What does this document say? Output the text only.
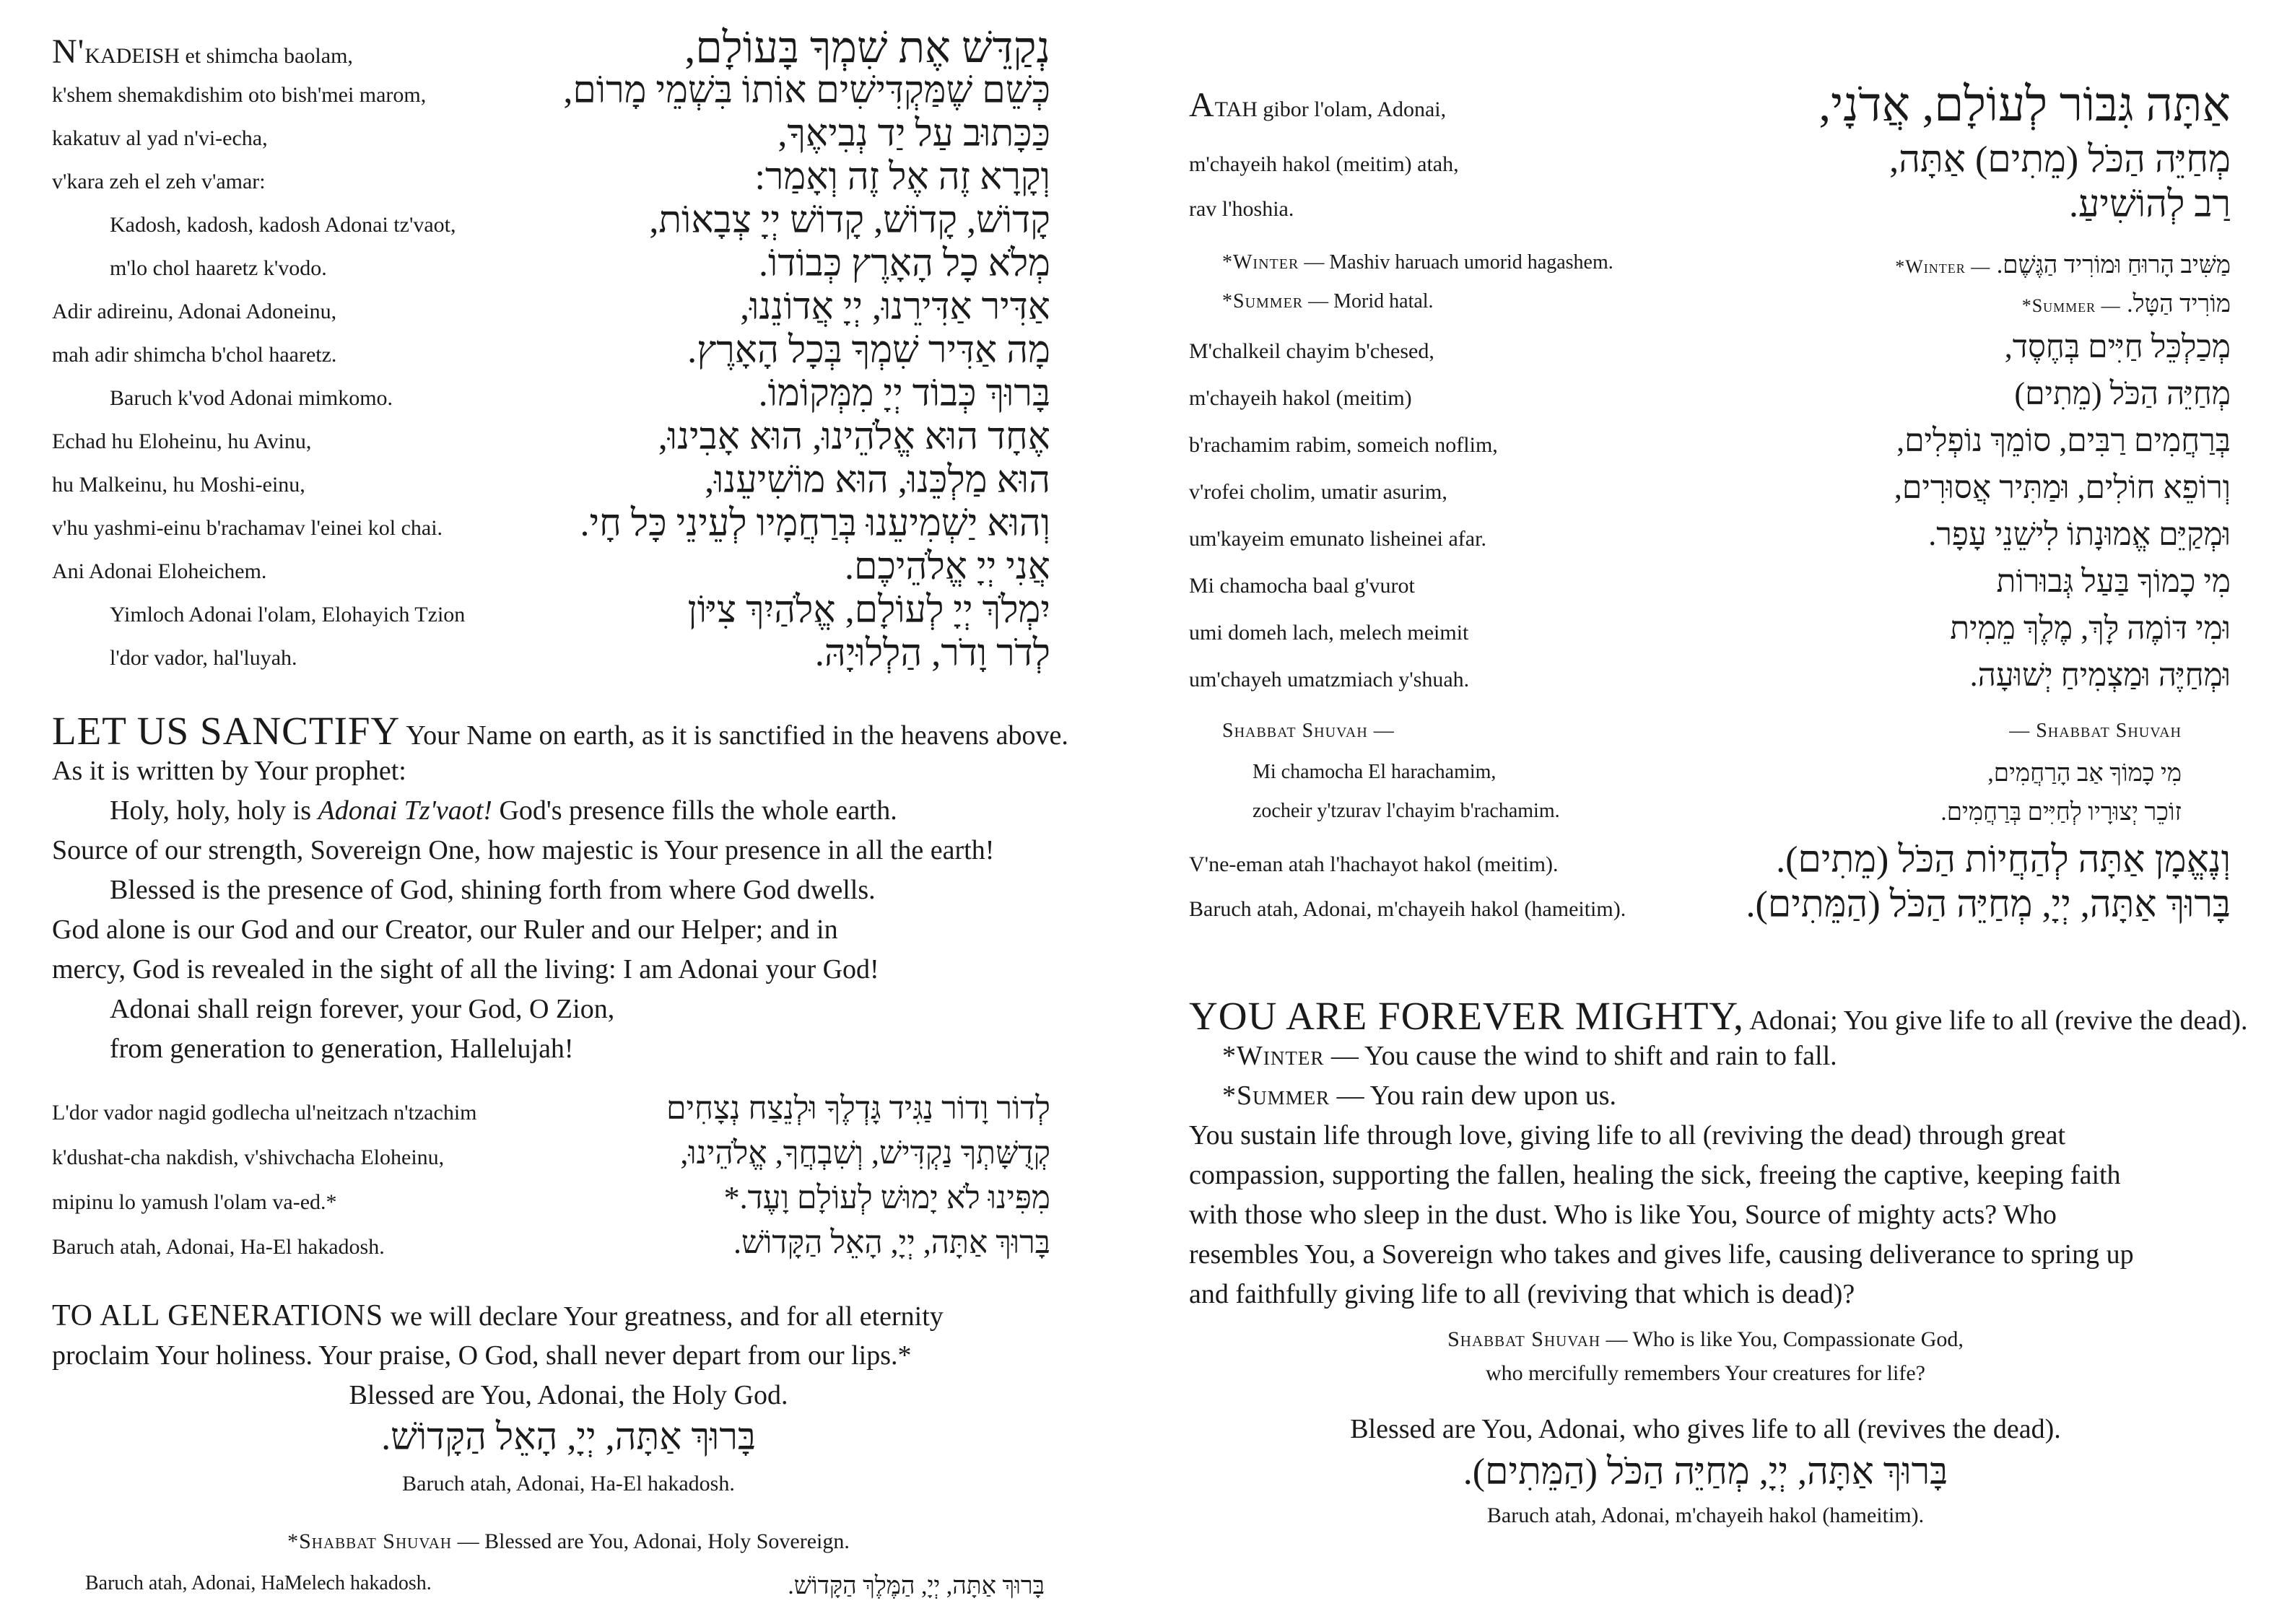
N'KADEISH et shimcha baolam,	נְקַדֵּשׁ אֶת שִׁמְךָ בָּעוֹלָם,
k'shem shemakdishim oto bish'mei marom,	כְּשֵׁם שֶׁמַּקְדִּישִׁים אוֹתוֹ בִּשְׁמֵי מָרוֹם,
kakatuv al yad n'vi-echa,	כַּכָּתוּב עַל יַד נְבִיאֶךָ,
v'kara zeh el zeh v'amar:	וְקָרָא זֶה אֶל זֶה וְאָמַר:
Kadosh, kadosh, kadosh Adonai tz'vaot,	קָדוֹשׁ, קָדוֹשׁ, קָדוֹשׁ יְיָ צְבָאוֹת,
m'lo chol haaretz k'vodo.	מְלֹא כָל הָאָרֶץ כְּבוֹדוֹ.
Adir adireinu, Adonai Adoneinu,	אַדִּיר אַדִּירֵנוּ, יְיָ אֲדוֹנֵנוּ,
mah adir shimcha b'chol haaretz.	מָה אַדִּיר שִׁמְךָ בְּכָל הָאָרֶץ.
Baruch k'vod Adonai mimkomo.	בָּרוּךְ כְּבוֹד יְיָ מִמְּקוֹמוֹ.
Echad hu Eloheinu, hu Avinu,	אֶחָד הוּא אֱלֹהֵינוּ, הוּא אָבִינוּ,
hu Malkeinu, hu Moshi-einu,	הוּא מַלְכֵּנוּ, הוּא מוֹשִׁיעֵנוּ,
v'hu yashmi-einu b'rachamav l'einei kol chai.	וְהוּא יַשְׁמִיעֵנוּ בְּרַחֲמָיו לְעֵינֵי כָּל חָי.
Ani Adonai Eloheichem.	אֲנִי יְיָ אֱלֹהֵיכֶם.
Yimloch Adonai l'olam, Elohayich Tzion	יִמְלֹךְ יְיָ לְעוֹלָם, אֱלֹהַיִךְ צִיּוֹן
l'dor vador, hal'luyah.	לְדֹר וָדֹר, הַלְלוּיָהּ.
LET US SANCTIFY Your Name on earth, as it is sanctified in the heavens above.
As it is written by Your prophet:
Holy, holy, holy is Adonai Tz'vaot! God's presence fills the whole earth.
Source of our strength, Sovereign One, how majestic is Your presence in all the earth!
Blessed is the presence of God, shining forth from where God dwells.
God alone is our God and our Creator, our Ruler and our Helper; and in
mercy, God is revealed in the sight of all the living: I am Adonai your God!
Adonai shall reign forever, your God, O Zion,
from generation to generation, Hallelujah!
L'dor vador nagid godlecha ul'neitzach n'tzachim	לְדוֹר וָדוֹר נַגִּיד גָּדְלֶךָ וּלְנֵצַח נְצָחִים
k'dushat-cha nakdish, v'shivchacha Eloheinu,	קְדֻשָּׁתְךָ נַקְדִּישׁ, וְשִׁבְחֲךָ, אֱלֹהֵינוּ,
mipinu lo yamush l'olam va-ed.*	מִפִּינוּ לֹא יָמוּשׁ לְעוֹלָם וָעֶד.*
Baruch atah, Adonai, Ha-El hakadosh.	בָּרוּךְ אַתָּה, יְיָ, הָאֵל הַקָּדוֹשׁ.
TO ALL GENERATIONS we will declare Your greatness, and for all eternity
proclaim Your holiness. Your praise, O God, shall never depart from our lips.*
Blessed are You, Adonai, the Holy God.
בָּרוּךְ אַתָּה, יְיָ, הָאֵל הַקָּדוֹשׁ.
Baruch atah, Adonai, Ha-El hakadosh.
*Shabbat Shuvah — Blessed are You, Adonai, Holy Sovereign.
Baruch atah, Adonai, HaMelech hakadosh.	בָּרוּךְ אַתָּה, יְיָ, הַמֶּלֶךְ הַקָּדוֹשׁ.
ATAH gibor l'olam, Adonai,	אַתָּה גִּבּוֹר לְעוֹלָם, אֲדֹנָי,
m'chayeih hakol (meitim) atah,	מְחַיֵּה הַכֹּל (מֵתִים) אַתָּה,
rav l'hoshia.	רַב לְהוֹשִׁיעַ.
*Winter — Mashiv haruach umorid hagashem.	מַשִּׁיב הָרוּחַ וּמוֹרִיד הַגֶּשֶׁם. — Winter*
*Summer — Morid hatal.	מוֹרִיד הַטָּל. — Summer*
M'chalkeil chayim b'chesed,	מְכַלְכֵּל חַיִּים בְּחֶסֶד,
m'chayeih hakol (meitim)	מְחַיֵּה הַכֹּל (מֵתִים)
b'rachamim rabim, someich noflim,	בְּרַחֲמִים רַבִּים, סוֹמֵךְ נוֹפְלִים,
v'rofei cholim, umatir asurim,	וְרוֹפֵא חוֹלִים, וּמַתִּיר אֲסוּרִים,
um'kayeim emunato lisheinei afar.	וּמְקַיֵּם אֱמוּנָתוֹ לִישֵׁנֵי עָפָר.
Mi chamocha baal g'vurot	מִי כָמוֹךָ בַּעַל גְּבוּרוֹת
umi domeh lach, melech meimit	וּמִי דּוֹמֶה לָּךְ, מֶלֶךְ מֵמִית
um'chayeh umatzmiach y'shuah.	וּמְחַיֶּה וּמַצְמִיחַ יְשׁוּעָה.
Shabbat Shuvah —	— Shabbat Shuvah
Mi chamocha El harachamim,	מִי כָמוֹךָ אַב הָרַחֲמִים,
zocheir y'tzurav l'chayim b'rachamim.	זוֹכֵר יְצוּרָיו לְחַיִּים בְּרַחֲמִים.
V'ne-eman atah l'hachayot hakol (meitim).	וְנֶאֱמָן אַתָּה לְהַחֲיוֹת הַכֹּל (מֵתִים).
Baruch atah, Adonai, m'chayeih hakol (hameitim).	בָּרוּךְ אַתָּה, יְיָ, מְחַיֵּה הַכֹּל (הַמֵּתִים).
YOU ARE FOREVER MIGHTY, Adonai; You give life to all (revive the dead).
*Winter — You cause the wind to shift and rain to fall.
*Summer — You rain dew upon us.
You sustain life through love, giving life to all (reviving the dead) through great
compassion, supporting the fallen, healing the sick, freeing the captive, keeping faith
with those who sleep in the dust. Who is like You, Source of mighty acts? Who
resembles You, a Sovereign who takes and gives life, causing deliverance to spring up
and faithfully giving life to all (reviving that which is dead)?
Shabbat Shuvah — Who is like You, Compassionate God,
who mercifully remembers Your creatures for life?
Blessed are You, Adonai, who gives life to all (revives the dead).
בָּרוּךְ אַתָּה, יְיָ, מְחַיֵּה הַכֹּל (הַמֵּתִים).
Baruch atah, Adonai, m'chayeih hakol (hameitim).
